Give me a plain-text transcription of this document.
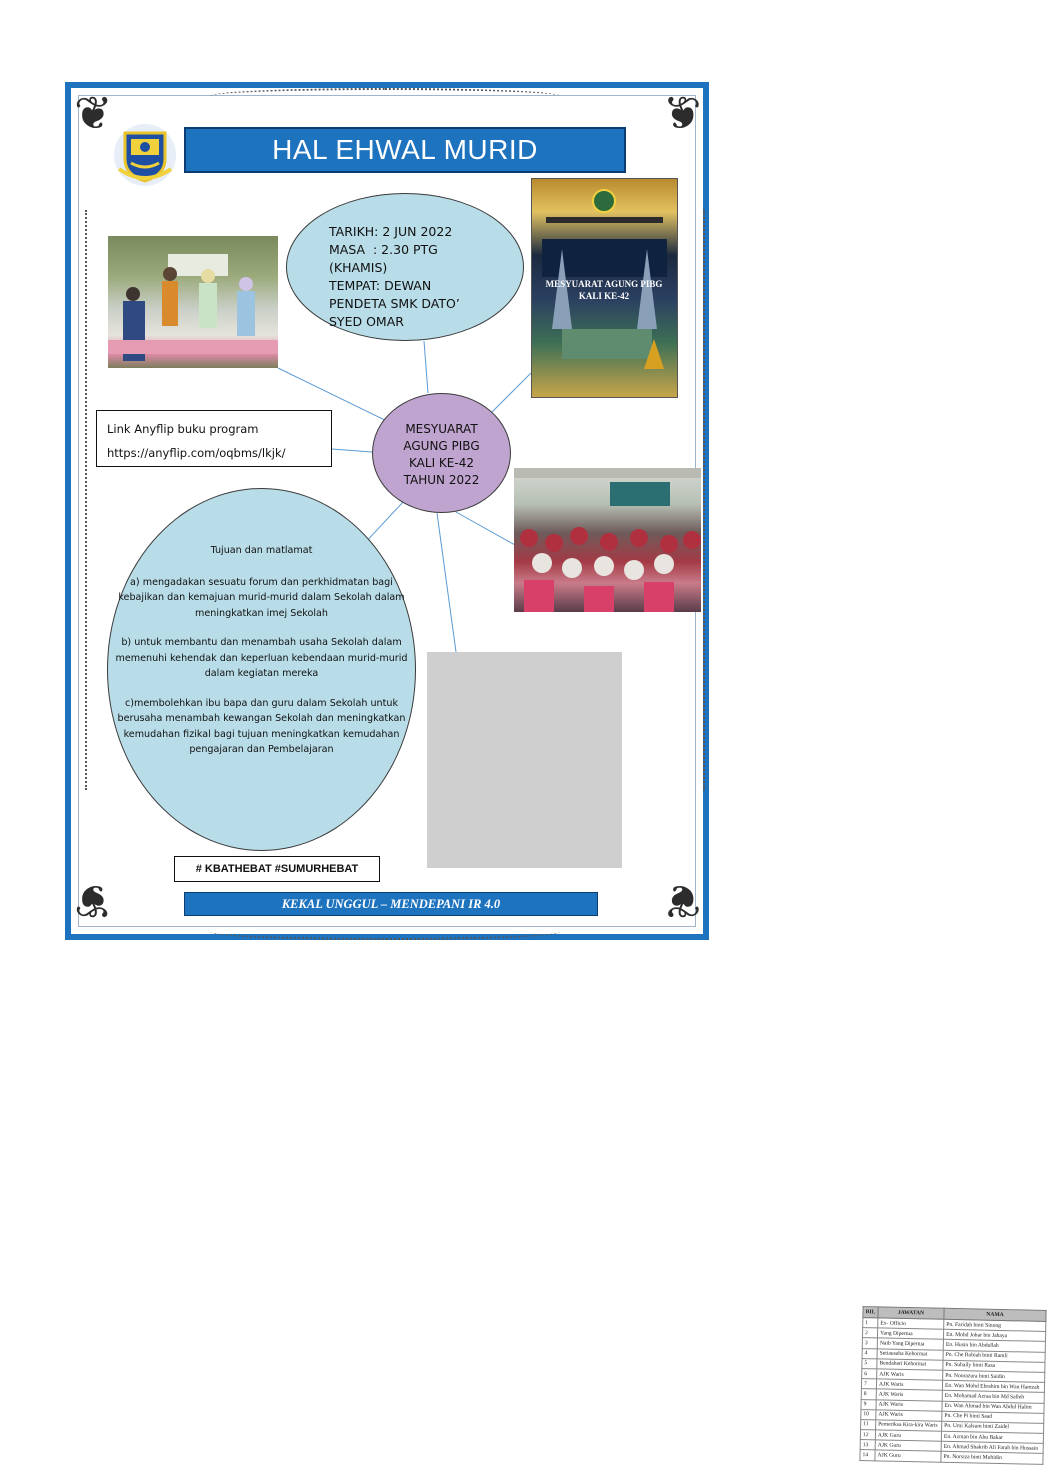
❦	❦
❦	❦
HAL EHWAL MURID
TARIKH: 2 JUN 2022
MASA  : 2.30 PTG
(KHAMIS)
TEMPAT: DEWAN
PENDETA SMK DATO’
SYED OMAR
MESYUARAT AGUNG PIBG
KALI KE-42
Link Anyflip buku program
https://anyflip.com/oqbms/lkjk/
MESYUARAT
AGUNG PIBG
KALI KE-42
TAHUN 2022
Tujuan dan matlamat

a) mengadakan sesuatu forum dan perkhidmatan bagi kebajikan dan kemajuan murid-murid dalam Sekolah dalam meningkatkan imej Sekolah

b) untuk membantu dan menambah usaha Sekolah dalam memenuhi kehendak dan keperluan kebendaan murid-murid dalam kegiatan mereka

c)membolehkan ibu bapa dan guru dalam Sekolah untuk berusaha menambah kewangan Sekolah dan meningkatkan kemudahan fizikal bagi tujuan meningkatkan kemudahan pengajaran dan Pembelajaran

BIL	JAWATAN	NAMA
1	Ex- Officio	Pn. Faridah binti Sinong
2	Yang Dipertua	En. Mohd Johar bin Jahaya
3	Naib Yang Dipertua	En. Husin bin Abdullah
4	Setiausaha Kehormat	Pn. Che Robiah binti Ramli
5	Bendahari Kehormat	Pn. Suhaily binti Rasa
6	AJK Waris	Pn. Noorazura binti Saidin
7	AJK Waris	En. Wan Mohd Ebrahim bin Wan Hamzah
8	AJK Waris	En. Mohamad Azraa bin Md Salleh
9	AJK Waris	En. Wan Ahmad bin Wan Abdul Halim
10	AJK Waris	Pn. Che Pi binti Saad
11	Pemeriksa Kira-kira Waris	Pn. Umi Kalsum binti Zaidel
12	AJK Guru	En. Azman bin Abu Bakar
13	AJK Guru	En. Ahmad Shakrib Ali Farah bin Hussain
14	AJK Guru	Pn. Norsiza binti Muhidin
# KBATHEBAT #SUMURHEBAT
KEKAL UNGGUL – MENDEPANI IR 4.0
